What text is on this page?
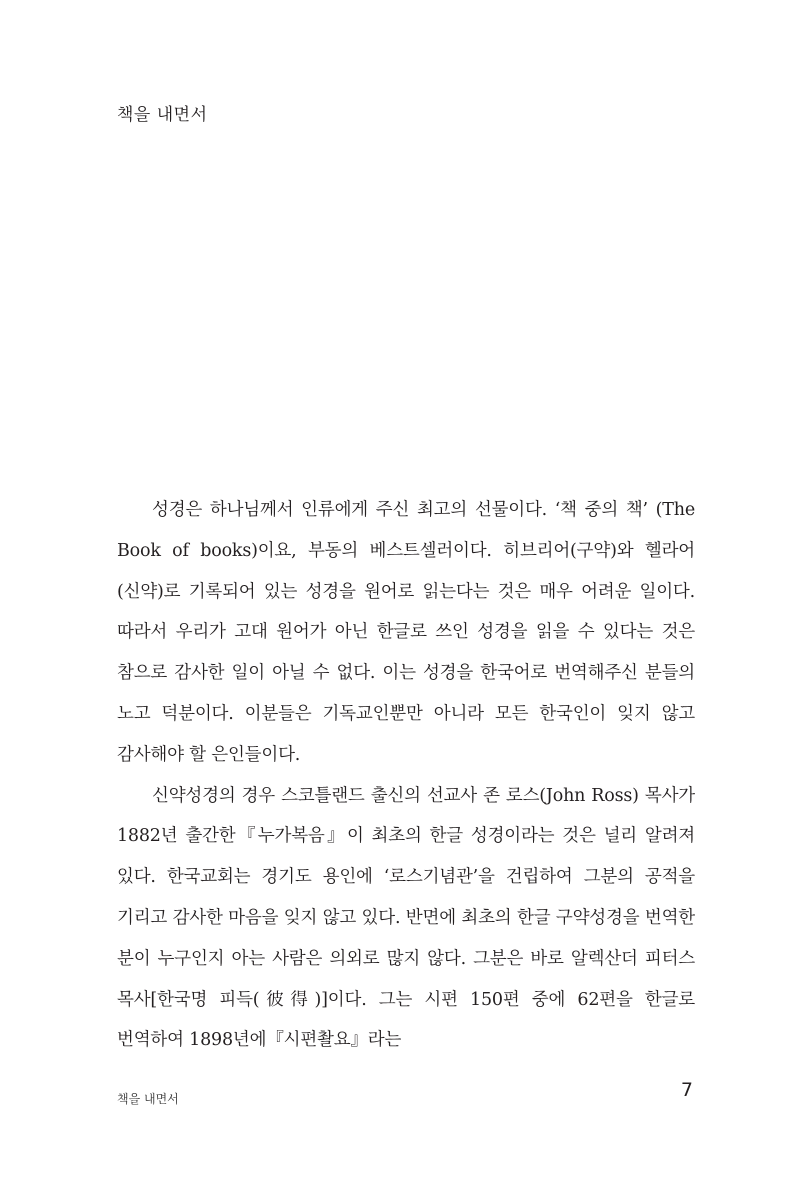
책을 내면서

성경은 하나님께서 인류에게 주신 최고의 선물이다. ‘책 중의 책’ (The Book of books)이요, 부동의 베스트셀러이다. 히브리어(구약)와 헬라어(신약)로 기록되어 있는 성경을 원어로 읽는다는 것은 매우 어려운 일이다. 따라서 우리가 고대 원어가 아닌 한글로 쓰인 성경을 읽을 수 있다는 것은 참으로 감사한 일이 아닐 수 없다. 이는 성경을 한국어로 번역해주신 분들의 노고 덕분이다. 이분들은 기독교인뿐만 아니라 모든 한국인이 잊지 않고 감사해야 할 은인들이다.

신약성경의 경우 스코틀랜드 출신의 선교사 존 로스(John Ross) 목사가 1882년 출간한『누가복음』이 최초의 한글 성경이라는 것은 널리 알려져 있다. 한국교회는 경기도 용인에 ‘로스기념관’을 건립하여 그분의 공적을 기리고 감사한 마음을 잊지 않고 있다. 반면에 최초의 한글 구약성경을 번역한 분이 누구인지 아는 사람은 의외로 많지 않다. 그분은 바로 알렉산더 피터스 목사[한국명 피득(彼得)]이다. 그는 시편 150편 중에 62편을 한글로 번역하여 1898년에『시편촬요』라는

책을 내면서	7
